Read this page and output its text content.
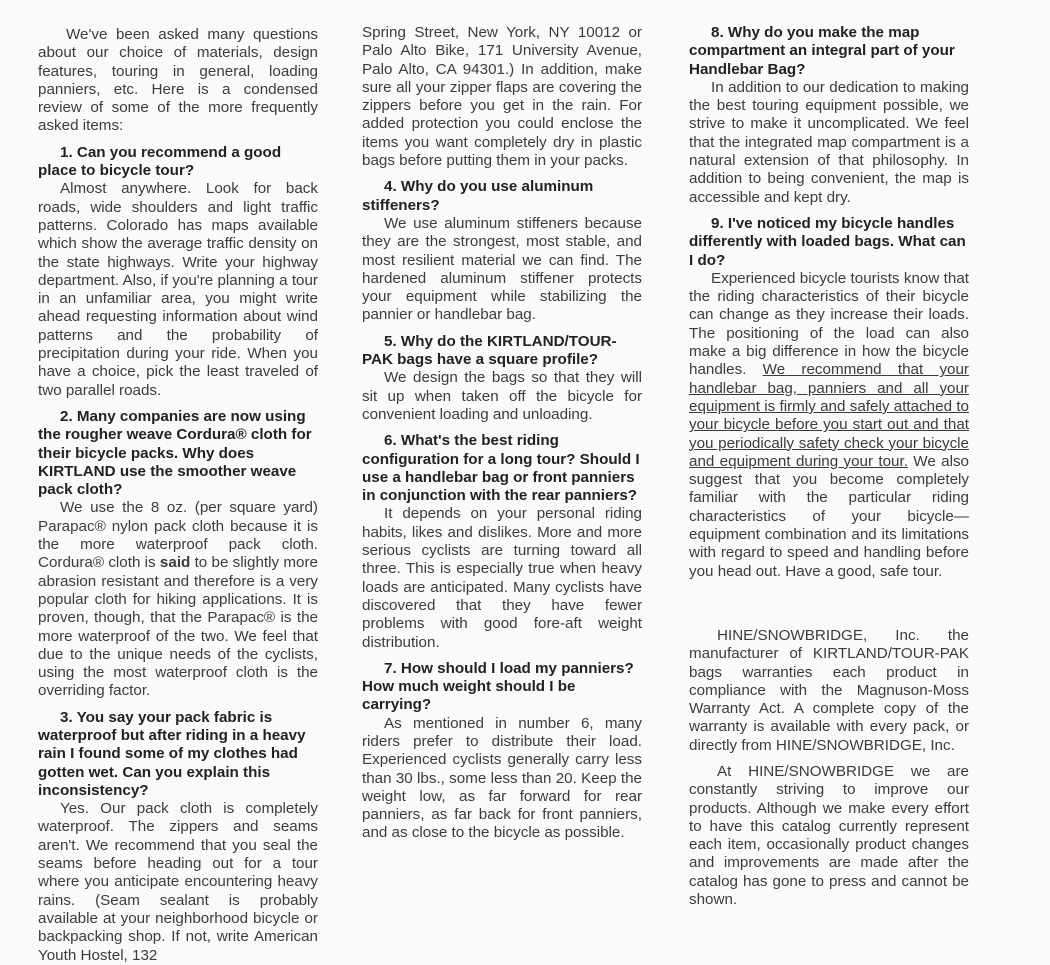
We've been asked many questions about our choice of materials, design features, touring in general, loading panniers, etc. Here is a condensed review of some of the more frequently asked items:

1. Can you recommend a good place to bicycle tour?

Almost anywhere. Look for back roads, wide shoulders and light traffic patterns. Colorado has maps available which show the average traffic density on the state highways. Write your highway department. Also, if you're planning a tour in an unfamiliar area, you might write ahead requesting information about wind patterns and the probability of precipitation during your ride. When you have a choice, pick the least traveled of two parallel roads.

2. Many companies are now using the rougher weave Cordura® cloth for their bicycle packs. Why does KIRTLAND use the smoother weave pack cloth?

We use the 8 oz. (per square yard) Parapac® nylon pack cloth because it is the more waterproof pack cloth. Cordura® cloth is said to be slightly more abrasion resistant and therefore is a very popular cloth for hiking applications. It is proven, though, that the Parapac® is the more waterproof of the two. We feel that due to the unique needs of the cyclists, using the most waterproof cloth is the overriding factor.

3. You say your pack fabric is waterproof but after riding in a heavy rain I found some of my clothes had gotten wet. Can you explain this inconsistency?

Yes. Our pack cloth is completely waterproof. The zippers and seams aren't. We recommend that you seal the seams before heading out for a tour where you anticipate encountering heavy rains. (Seam sealant is probably available at your neighborhood bicycle or backpacking shop. If not, write American Youth Hostel, 132

Spring Street, New York, NY 10012 or Palo Alto Bike, 171 University Avenue, Palo Alto, CA 94301.) In addition, make sure all your zipper flaps are covering the zippers before you get in the rain. For added protection you could enclose the items you want completely dry in plastic bags before putting them in your packs.

4. Why do you use aluminum stiffeners?

We use aluminum stiffeners because they are the strongest, most stable, and most resilient material we can find. The hardened aluminum stiffener protects your equipment while stabilizing the pannier or handlebar bag.

5. Why do the KIRTLAND/TOUR-PAK bags have a square profile?

We design the bags so that they will sit up when taken off the bicycle for convenient loading and unloading.

6. What's the best riding configuration for a long tour? Should I use a handlebar bag or front panniers in conjunction with the rear panniers?

It depends on your personal riding habits, likes and dislikes. More and more serious cyclists are turning toward all three. This is especially true when heavy loads are anticipated. Many cyclists have discovered that they have fewer problems with good fore-aft weight distribution.

7. How should I load my panniers? How much weight should I be carrying?

As mentioned in number 6, many riders prefer to distribute their load. Experienced cyclists generally carry less than 30 lbs., some less than 20. Keep the weight low, as far forward for rear panniers, as far back for front panniers, and as close to the bicycle as possible.

8. Why do you make the map compartment an integral part of your Handlebar Bag?

In addition to our dedication to making the best touring equipment possible, we strive to make it uncomplicated. We feel that the integrated map compartment is a natural extension of that philosophy. In addition to being convenient, the map is accessible and kept dry.

9. I've noticed my bicycle handles differently with loaded bags. What can I do?

Experienced bicycle tourists know that the riding characteristics of their bicycle can change as they increase their loads. The positioning of the load can also make a big difference in how the bicycle handles. We recommend that your handlebar bag, panniers and all your equipment is firmly and safely attached to your bicycle before you start out and that you periodically safety check your bicycle and equipment during your tour. We also suggest that you become completely familiar with the particular riding characteristics of your bicycle—equipment combination and its limitations with regard to speed and handling before you head out. Have a good, safe tour.

HINE/SNOWBRIDGE, Inc. the manufacturer of KIRTLAND/TOUR-PAK bags warranties each product in compliance with the Magnuson-Moss Warranty Act. A complete copy of the warranty is available with every pack, or directly from HINE/SNOWBRIDGE, Inc.

At HINE/SNOWBRIDGE we are constantly striving to improve our products. Although we make every effort to have this catalog currently represent each item, occasionally product changes and improvements are made after the catalog has gone to press and cannot be shown.
